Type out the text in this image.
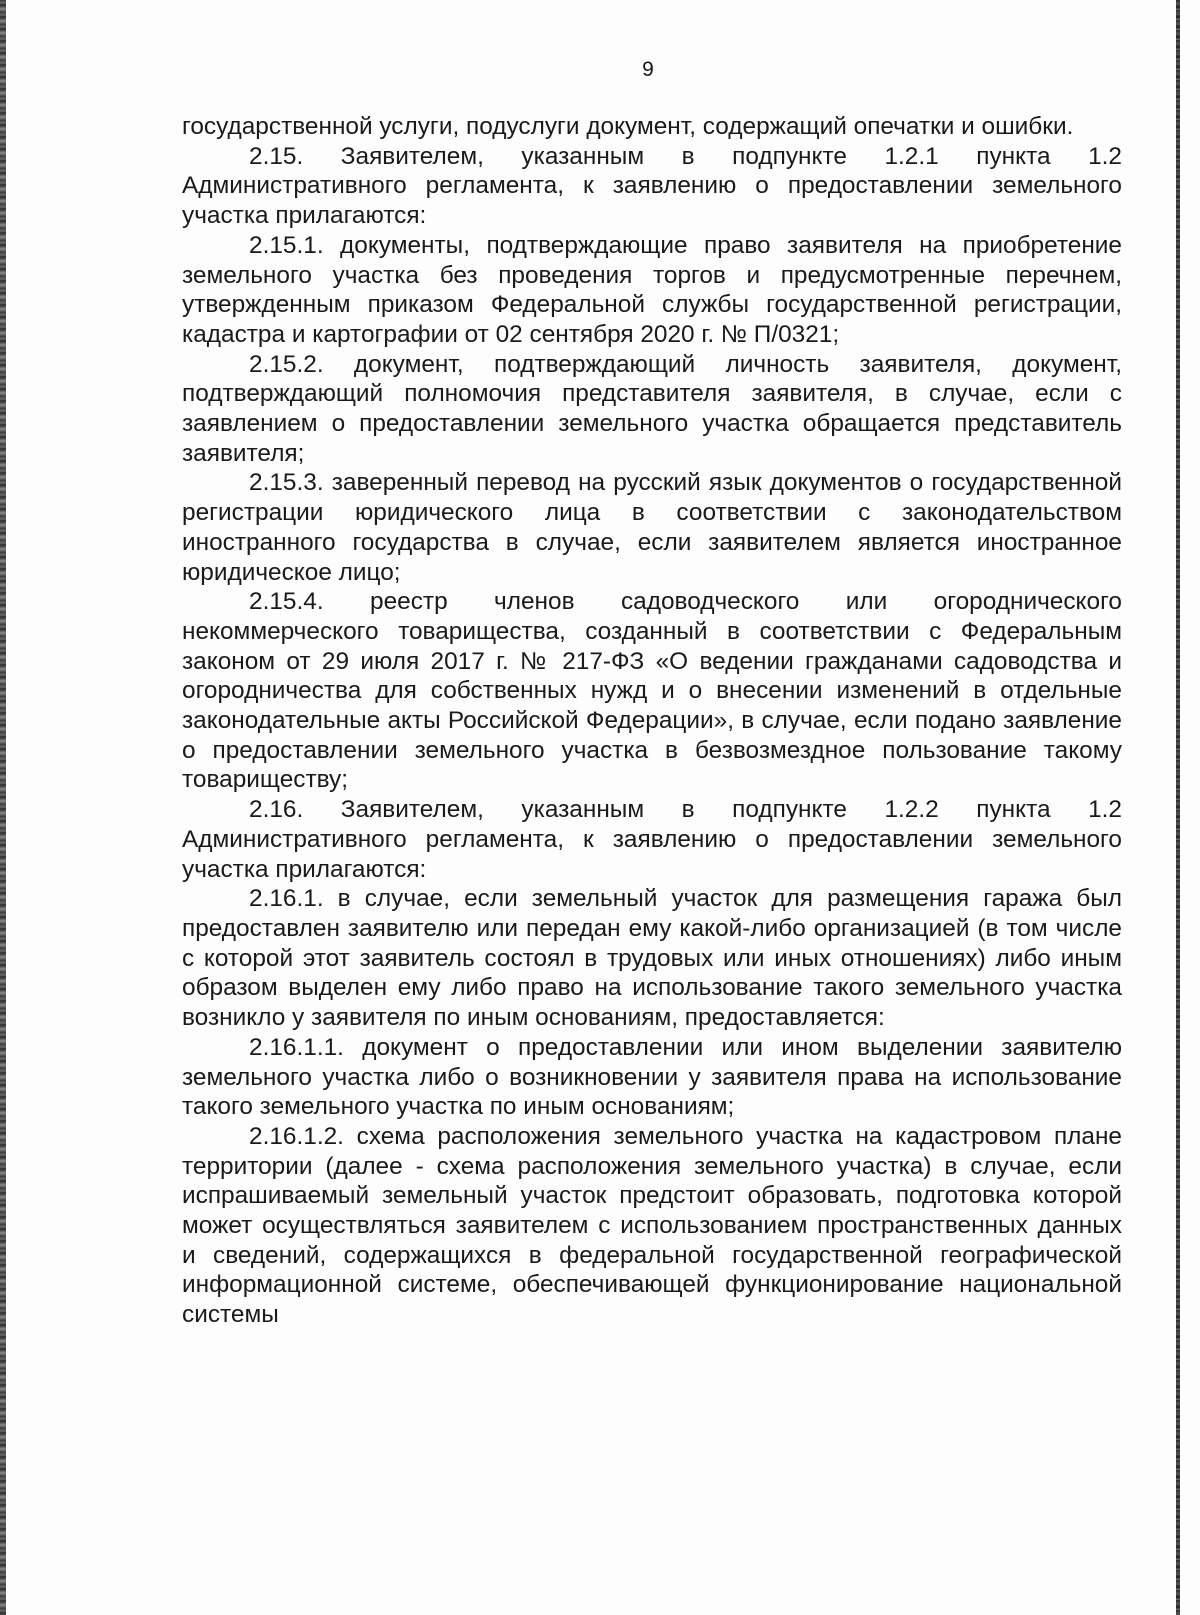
9

государственной услуги, подуслуги документ, содержащий опечатки и ошибки.

2.15. Заявителем, указанным в подпункте 1.2.1 пункта 1.2 Административного регламента, к заявлению о предоставлении земельного участка прилагаются:

2.15.1. документы, подтверждающие право заявителя на приобретение земельного участка без проведения торгов и предусмотренные перечнем, утвержденным приказом Федеральной службы государственной регистрации, кадастра и картографии от 02 сентября 2020 г. № П/0321;

2.15.2. документ, подтверждающий личность заявителя, документ, подтверждающий полномочия представителя заявителя, в случае, если с заявлением о предоставлении земельного участка обращается представитель заявителя;

2.15.3. заверенный перевод на русский язык документов о государственной регистрации юридического лица в соответствии с законодательством иностранного государства в случае, если заявителем является иностранное юридическое лицо;

2.15.4. реестр членов садоводческого или огороднического некоммерческого товарищества, созданный в соответствии с Федеральным законом от 29 июля 2017 г. № 217-ФЗ «О ведении гражданами садоводства и огородничества для собственных нужд и о внесении изменений в отдельные законодательные акты Российской Федерации», в случае, если подано заявление о предоставлении земельного участка в безвозмездное пользование такому товариществу;

2.16. Заявителем, указанным в подпункте 1.2.2 пункта 1.2 Административного регламента, к заявлению о предоставлении земельного участка прилагаются:

2.16.1. в случае, если земельный участок для размещения гаража был предоставлен заявителю или передан ему какой-либо организацией (в том числе с которой этот заявитель состоял в трудовых или иных отношениях) либо иным образом выделен ему либо право на использование такого земельного участка возникло у заявителя по иным основаниям, предоставляется:

2.16.1.1. документ о предоставлении или ином выделении заявителю земельного участка либо о возникновении у заявителя права на использование такого земельного участка по иным основаниям;

2.16.1.2. схема расположения земельного участка на кадастровом плане территории (далее - схема расположения земельного участка) в случае, если испрашиваемый земельный участок предстоит образовать, подготовка которой может осуществляться заявителем с использованием пространственных данных и сведений, содержащихся в федеральной государственной географической информационной системе, обеспечивающей функционирование национальной системы
